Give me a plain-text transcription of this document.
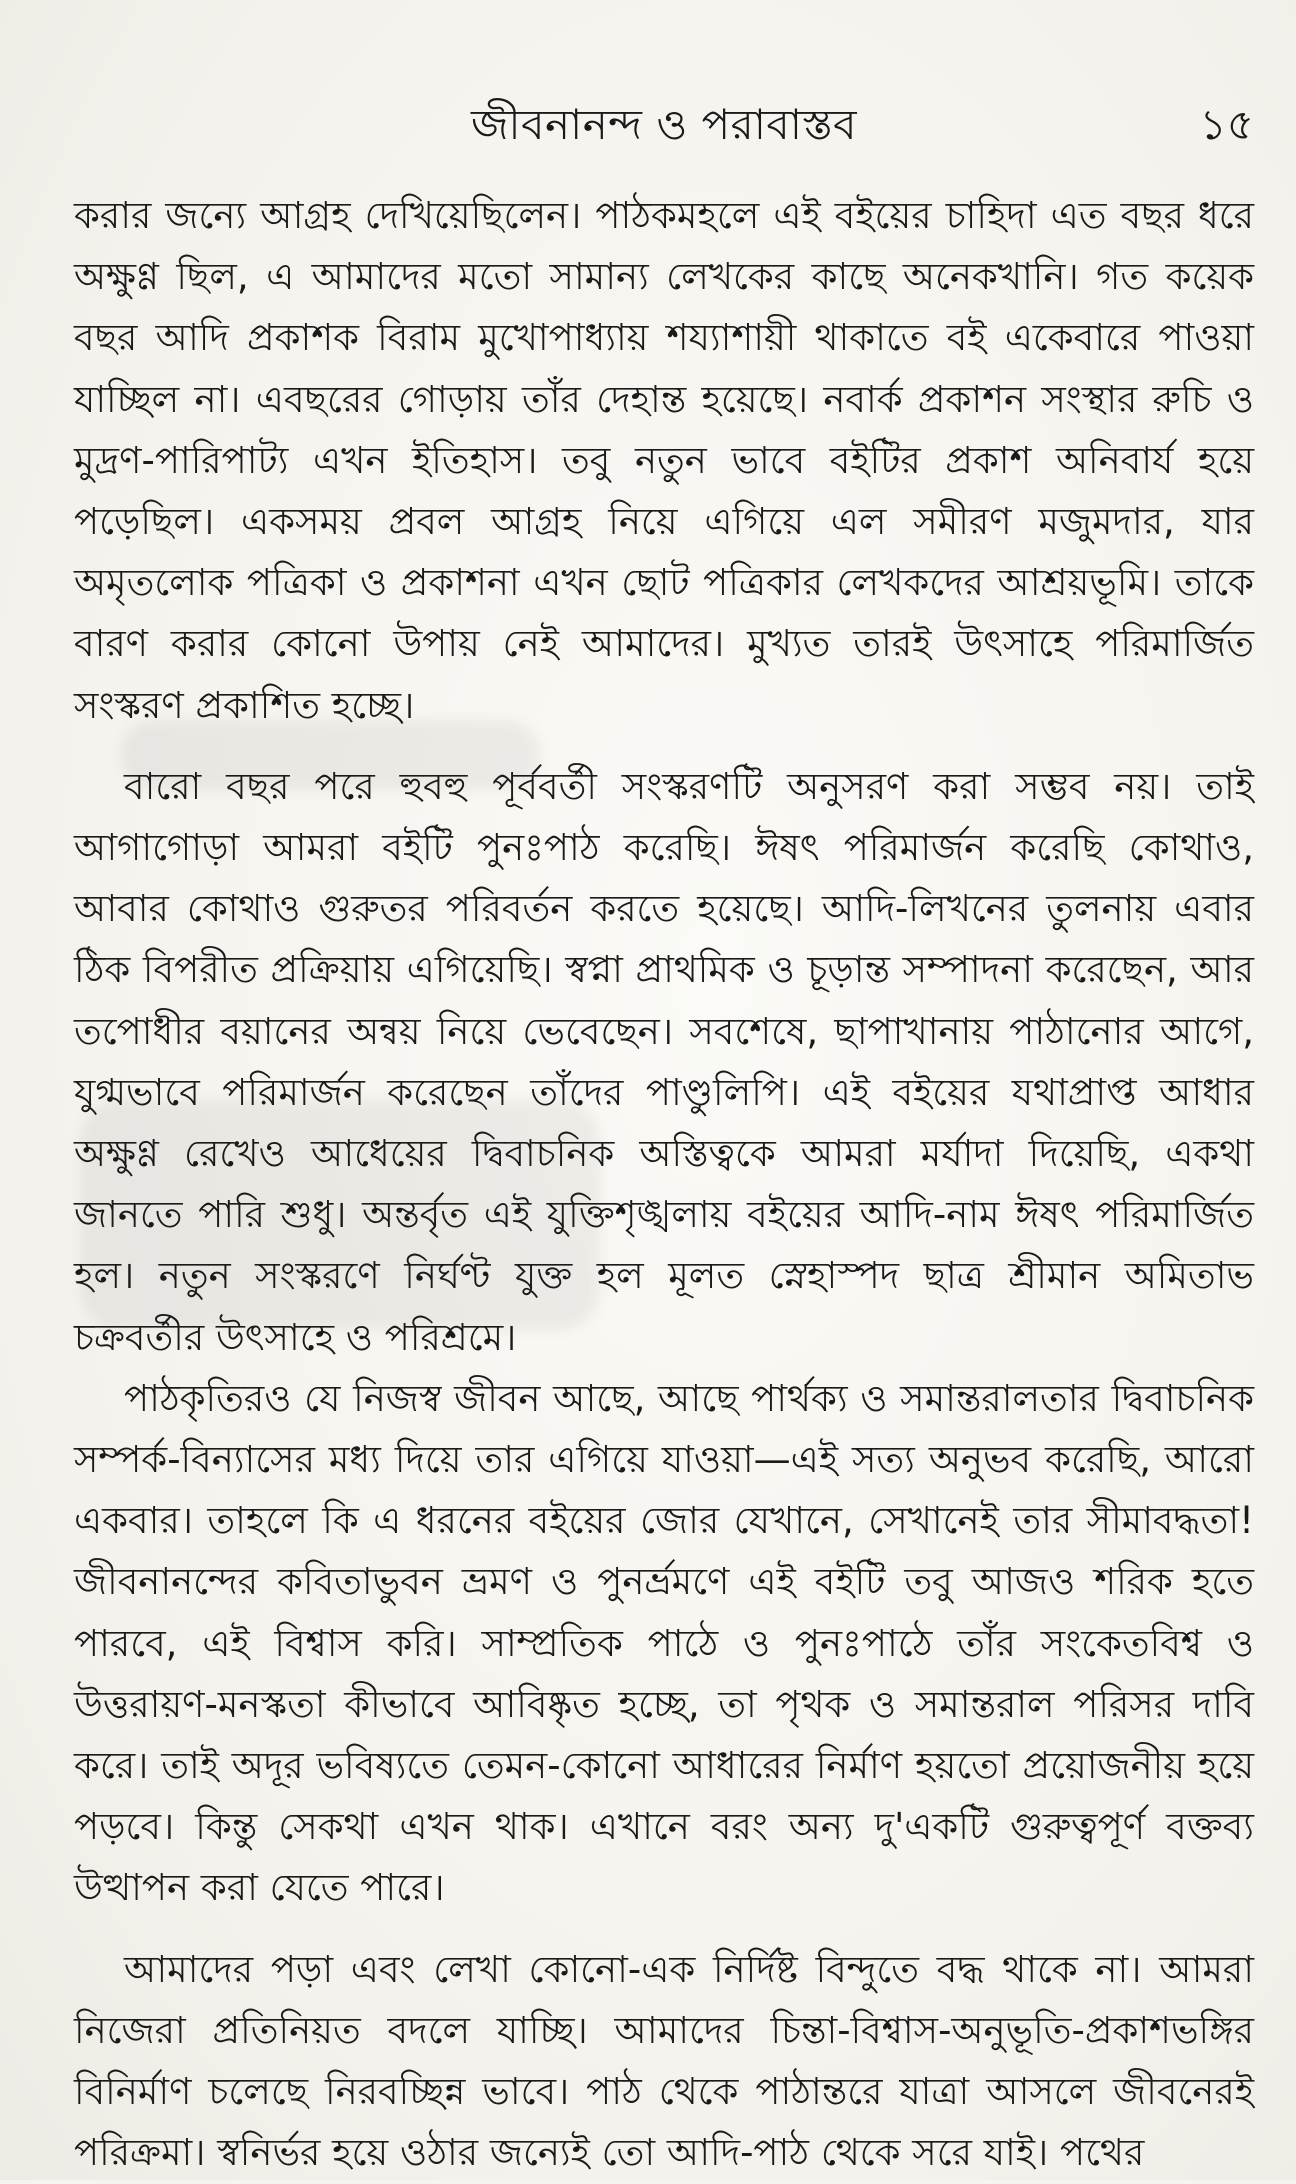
জীবনানন্দ ও পরাবাস্তব	১৫

করার জন্যে আগ্রহ দেখিয়েছিলেন। পাঠকমহলে এই বইয়ের চাহিদা এত বছর ধরে অক্ষুণ্ণ ছিল, এ আমাদের মতো সামান্য লেখকের কাছে অনেকখানি। গত কয়েক বছর আদি প্রকাশক বিরাম মুখোপাধ্যায় শয্যাশায়ী থাকাতে বই একেবারে পাওয়া যাচ্ছিল না। এবছরের গোড়ায় তাঁর দেহান্ত হয়েছে। নবার্ক প্রকাশন সংস্থার রুচি ও মুদ্রণ-পারিপাট্য এখন ইতিহাস। তবু নতুন ভাবে বইটির প্রকাশ অনিবার্য হয়ে পড়েছিল। একসময় প্রবল আগ্রহ নিয়ে এগিয়ে এল সমীরণ মজুমদার, যার অমৃতলোক পত্রিকা ও প্রকাশনা এখন ছোট পত্রিকার লেখকদের আশ্রয়ভূমি। তাকে বারণ করার কোনো উপায় নেই আমাদের। মুখ্যত তারই উৎসাহে পরিমার্জিত সংস্করণ প্রকাশিত হচ্ছে।

বারো বছর পরে হুবহু পূর্ববর্তী সংস্করণটি অনুসরণ করা সম্ভব নয়। তাই আগাগোড়া আমরা বইটি পুনঃপাঠ করেছি। ঈষৎ পরিমার্জন করেছি কোথাও, আবার কোথাও গুরুতর পরিবর্তন করতে হয়েছে। আদি-লিখনের তুলনায় এবার ঠিক বিপরীত প্রক্রিয়ায় এগিয়েছি। স্বপ্না প্রাথমিক ও চূড়ান্ত সম্পাদনা করেছেন, আর তপোধীর বয়ানের অন্বয় নিয়ে ভেবেছেন। সবশেষে, ছাপাখানায় পাঠানোর আগে, যুগ্মভাবে পরিমার্জন করেছেন তাঁদের পাণ্ডুলিপি। এই বইয়ের যথাপ্রাপ্ত আধার অক্ষুণ্ণ রেখেও আধেয়ের দ্বিবাচনিক অস্তিত্বকে আমরা মর্যাদা দিয়েছি, একথা জানতে পারি শুধু। অন্তর্বৃত এই যুক্তিশৃঙ্খলায় বইয়ের আদি-নাম ঈষৎ পরিমার্জিত হল। নতুন সংস্করণে নির্ঘণ্ট যুক্ত হল মূলত স্নেহাস্পদ ছাত্র শ্রীমান অমিতাভ চক্রবর্তীর উৎসাহে ও পরিশ্রমে।

পাঠকৃতিরও যে নিজস্ব জীবন আছে, আছে পার্থক্য ও সমান্তরালতার দ্বিবাচনিক সম্পর্ক-বিন্যাসের মধ্য দিয়ে তার এগিয়ে যাওয়া—এই সত্য অনুভব করেছি, আরো একবার। তাহলে কি এ ধরনের বইয়ের জোর যেখানে, সেখানেই তার সীমাবদ্ধতা! জীবনানন্দের কবিতাভুবন ভ্রমণ ও পুনর্ভ্রমণে এই বইটি তবু আজও শরিক হতে পারবে, এই বিশ্বাস করি। সাম্প্রতিক পাঠে ও পুনঃপাঠে তাঁর সংকেতবিশ্ব ও উত্তরায়ণ-মনস্কতা কীভাবে আবিষ্কৃত হচ্ছে, তা পৃথক ও সমান্তরাল পরিসর দাবি করে। তাই অদূর ভবিষ্যতে তেমন-কোনো আধারের নির্মাণ হয়তো প্রয়োজনীয় হয়ে পড়বে। কিন্তু সেকথা এখন থাক। এখানে বরং অন্য দু'একটি গুরুত্বপূর্ণ বক্তব্য উত্থাপন করা যেতে পারে।

আমাদের পড়া এবং লেখা কোনো-এক নির্দিষ্ট বিন্দুতে বদ্ধ থাকে না। আমরা নিজেরা প্রতিনিয়ত বদলে যাচ্ছি। আমাদের চিন্তা-বিশ্বাস-অনুভূতি-প্রকাশভঙ্গির বিনির্মাণ চলেছে নিরবচ্ছিন্ন ভাবে। পাঠ থেকে পাঠান্তরে যাত্রা আসলে জীবনেরই পরিক্রমা। স্বনির্ভর হয়ে ওঠার জন্যেই তো আদি-পাঠ থেকে সরে যাই। পথের
